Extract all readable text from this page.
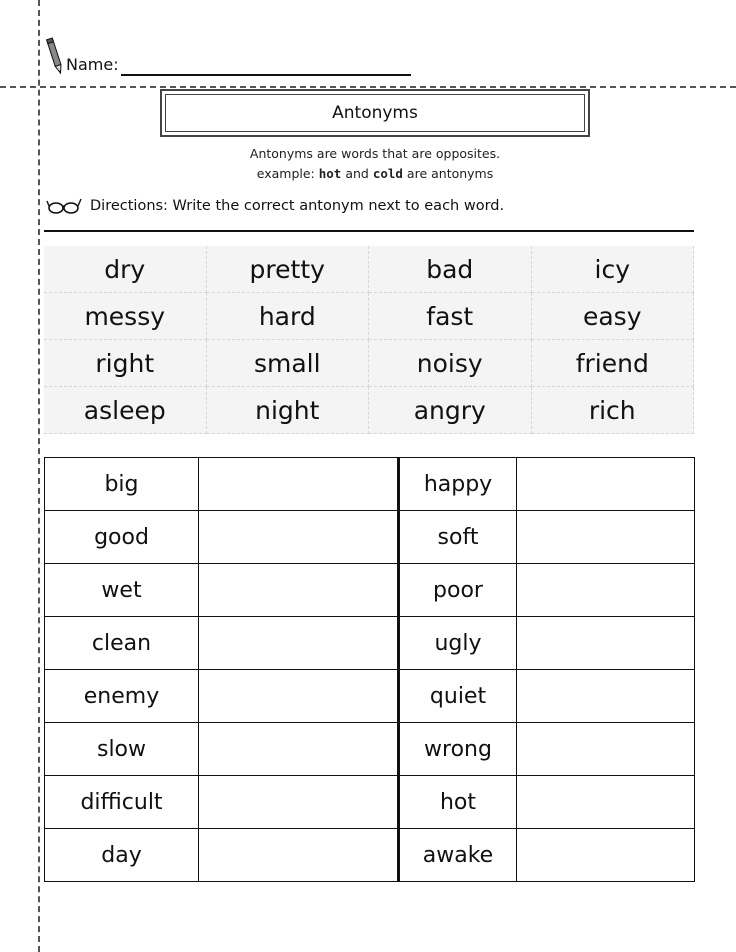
Name:
Antonyms
Antonyms are words that are opposites.
example: hot and cold are antonyms
Directions: Write the correct antonym next to each word.
dry	pretty	bad	icy
messy	hard	fast	easy
right	small	noisy	friend
asleep	night	angry	rich
big		happy	
good		soft	
wet		poor	
clean		ugly	
enemy		quiet	
slow		wrong	
difficult		hot	
day		awake	
